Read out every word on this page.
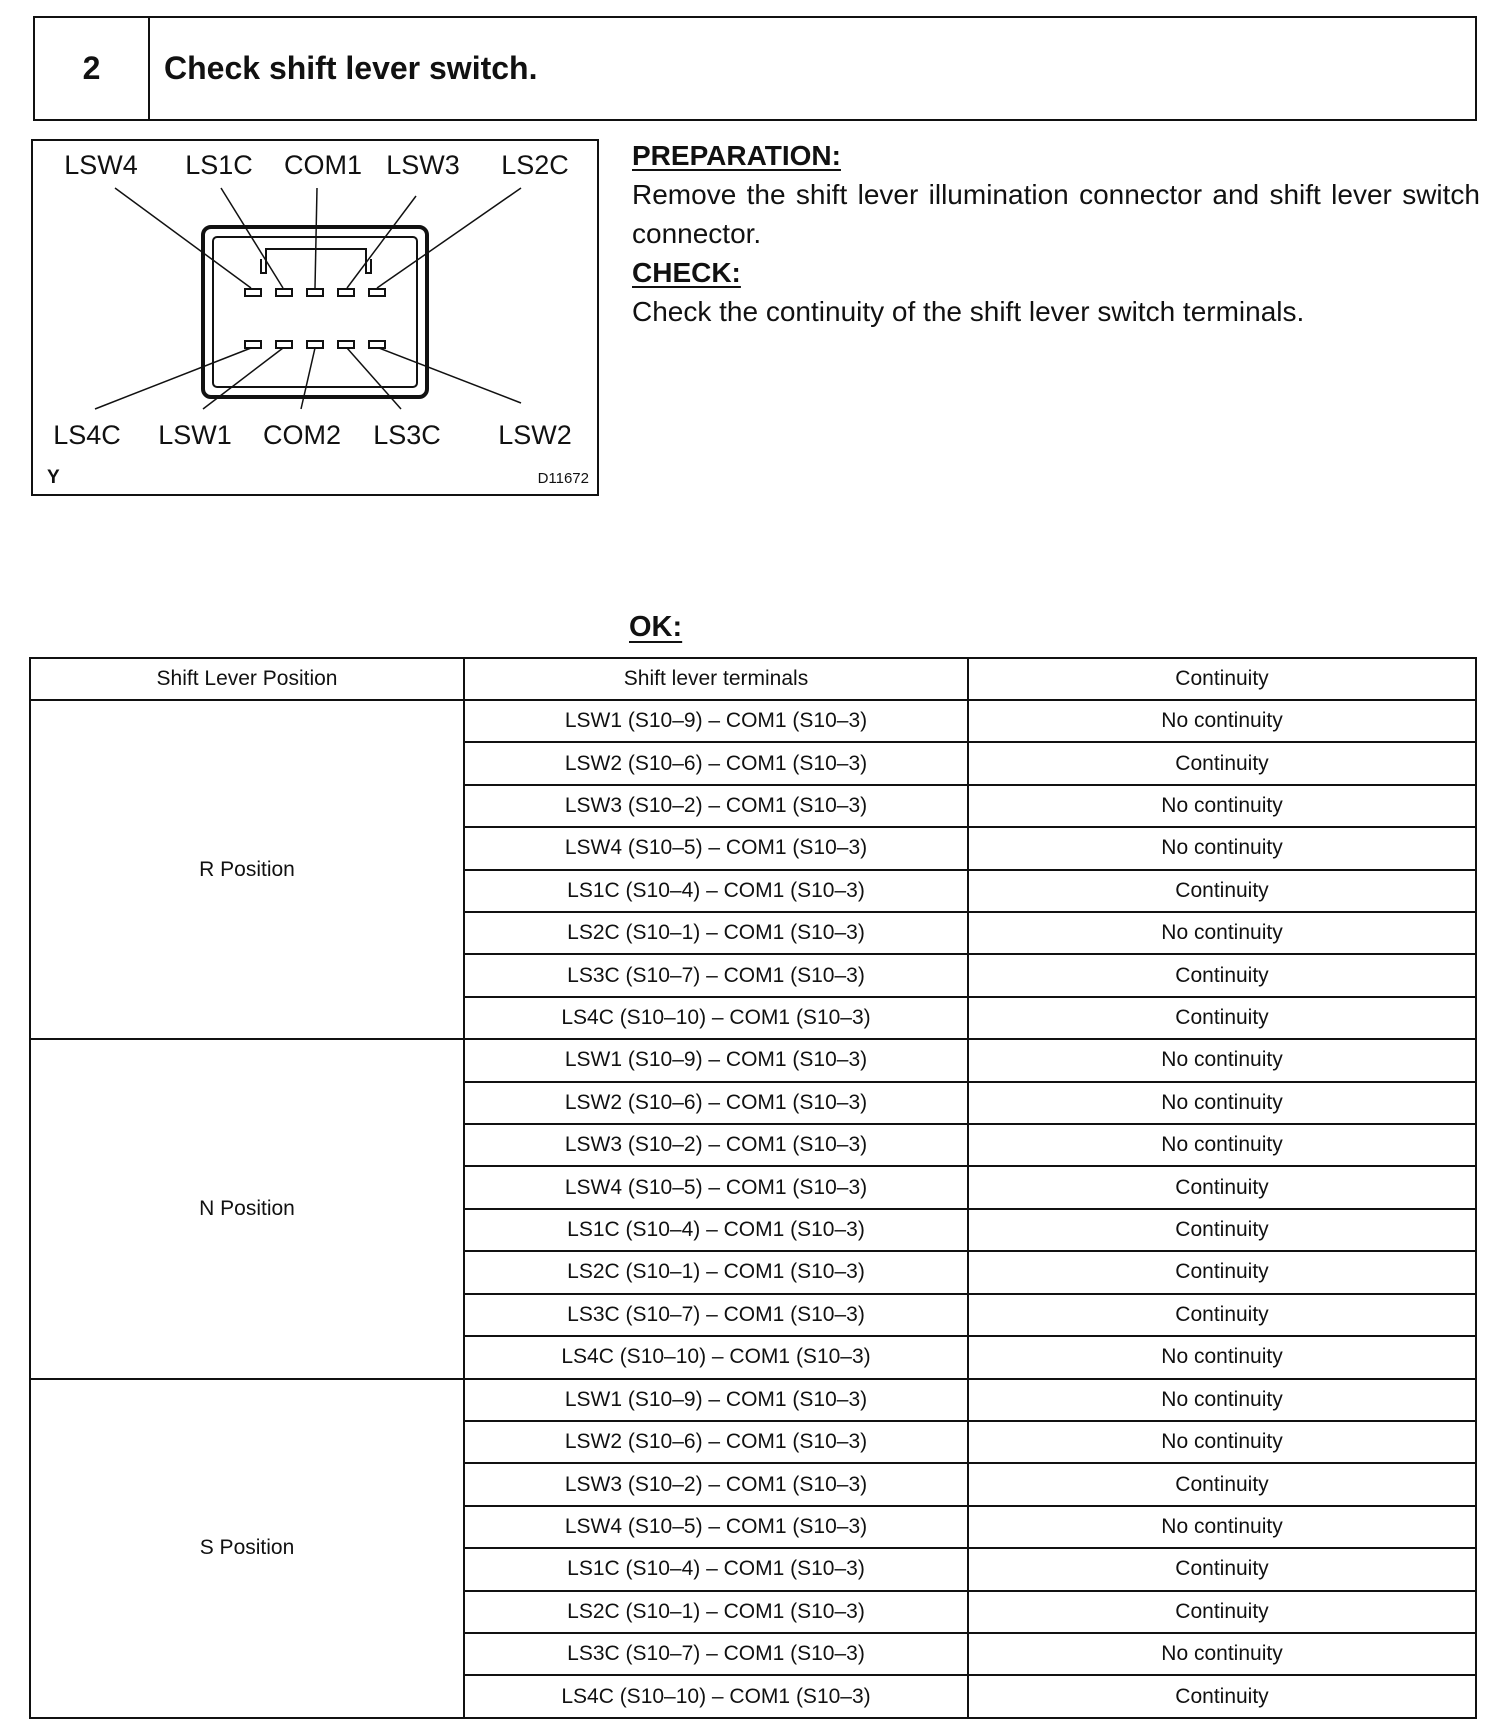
2	Check shift lever switch.
LSW4 LS1C COM1 LSW3 LS2C
LS4C LSW1 COM2 LS3C LSW2
Y	D11672
PREPARATION:
Remove the shift lever illumination connector and shift lever switch connector.
CHECK:
Check the continuity of the shift lever switch terminals.
OK:
Shift Lever Position	Shift lever terminals	Continuity
R Position	LSW1 (S10–9) – COM1 (S10–3)	No continuity
	LSW2 (S10–6) – COM1 (S10–3)	Continuity
	LSW3 (S10–2) – COM1 (S10–3)	No continuity
	LSW4 (S10–5) – COM1 (S10–3)	No continuity
	LS1C (S10–4) – COM1 (S10–3)	Continuity
	LS2C (S10–1) – COM1 (S10–3)	No continuity
	LS3C (S10–7) – COM1 (S10–3)	Continuity
	LS4C (S10–10) – COM1 (S10–3)	Continuity
N Position	LSW1 (S10–9) – COM1 (S10–3)	No continuity
	LSW2 (S10–6) – COM1 (S10–3)	No continuity
	LSW3 (S10–2) – COM1 (S10–3)	No continuity
	LSW4 (S10–5) – COM1 (S10–3)	Continuity
	LS1C (S10–4) – COM1 (S10–3)	Continuity
	LS2C (S10–1) – COM1 (S10–3)	Continuity
	LS3C (S10–7) – COM1 (S10–3)	Continuity
	LS4C (S10–10) – COM1 (S10–3)	No continuity
S Position	LSW1 (S10–9) – COM1 (S10–3)	No continuity
	LSW2 (S10–6) – COM1 (S10–3)	No continuity
	LSW3 (S10–2) – COM1 (S10–3)	Continuity
	LSW4 (S10–5) – COM1 (S10–3)	No continuity
	LS1C (S10–4) – COM1 (S10–3)	Continuity
	LS2C (S10–1) – COM1 (S10–3)	Continuity
	LS3C (S10–7) – COM1 (S10–3)	No continuity
	LS4C (S10–10) – COM1 (S10–3)	Continuity
